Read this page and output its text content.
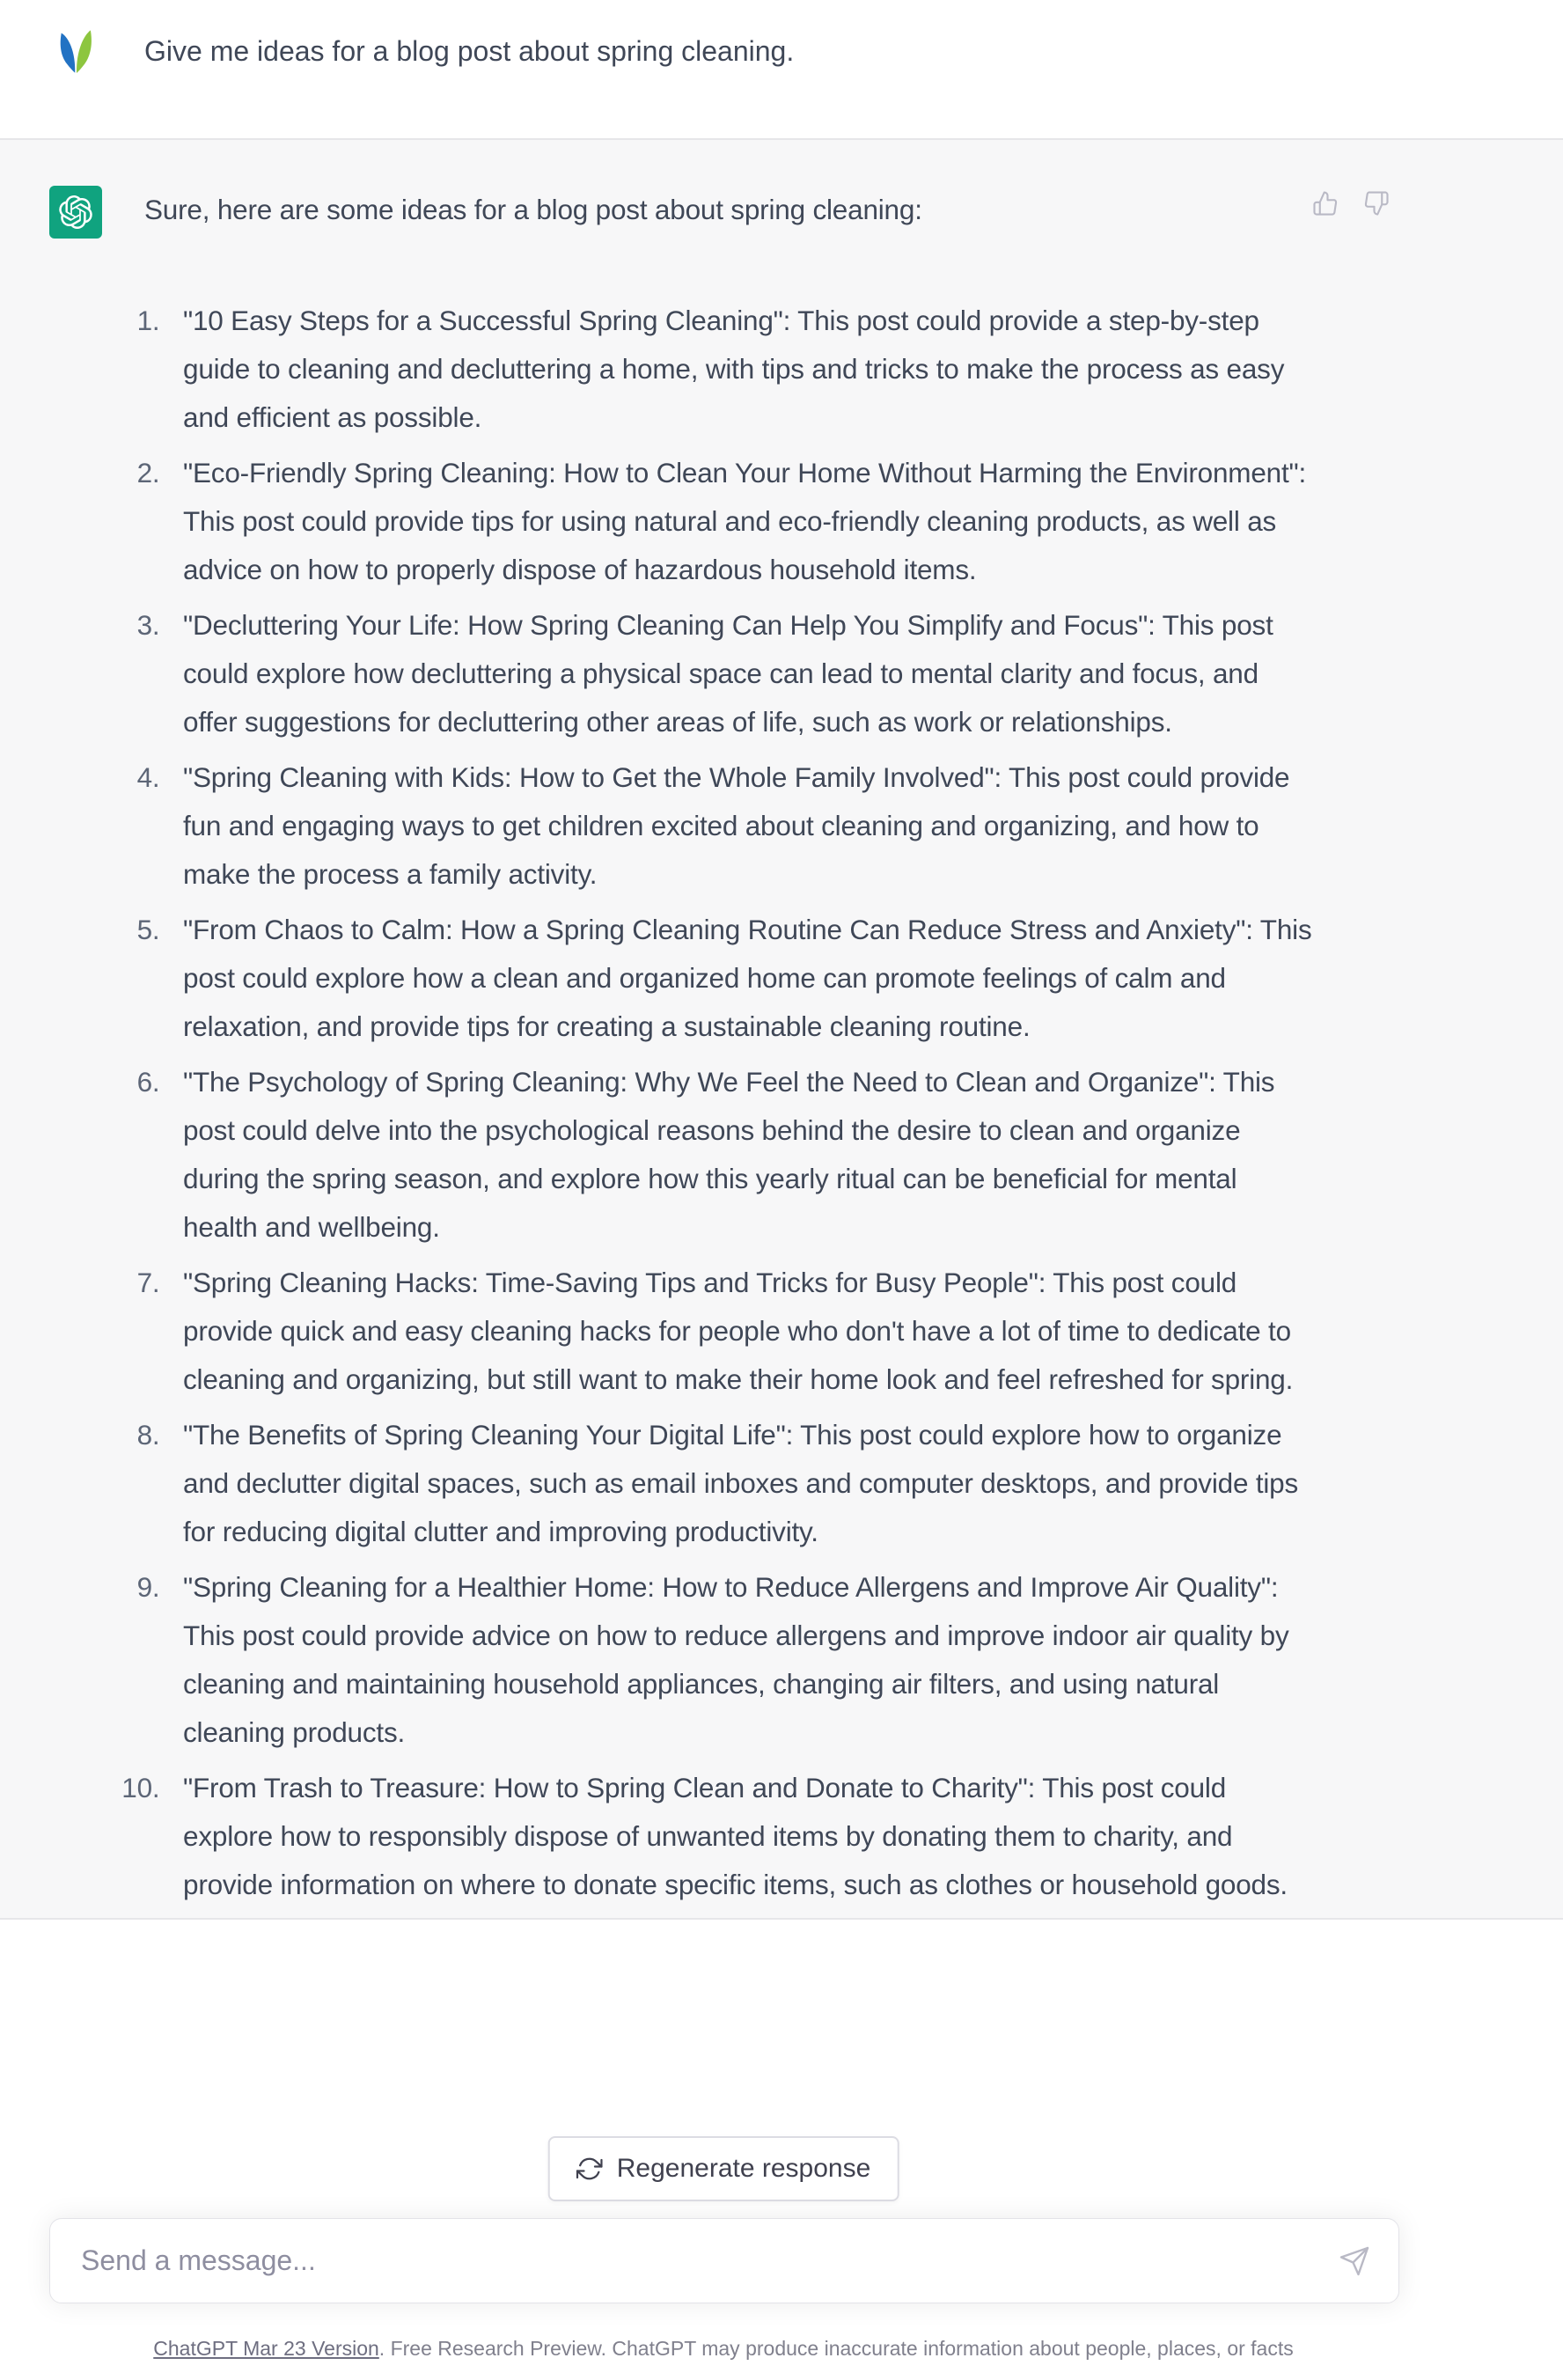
Give me ideas for a blog post about spring cleaning.

Sure, here are some ideas for a blog post about spring cleaning:

1. "10 Easy Steps for a Successful Spring Cleaning": This post could provide a step-by-step guide to cleaning and decluttering a home, with tips and tricks to make the process as easy and efficient as possible.
2. "Eco-Friendly Spring Cleaning: How to Clean Your Home Without Harming the Environment": This post could provide tips for using natural and eco-friendly cleaning products, as well as advice on how to properly dispose of hazardous household items.
3. "Decluttering Your Life: How Spring Cleaning Can Help You Simplify and Focus": This post could explore how decluttering a physical space can lead to mental clarity and focus, and offer suggestions for decluttering other areas of life, such as work or relationships.
4. "Spring Cleaning with Kids: How to Get the Whole Family Involved": This post could provide fun and engaging ways to get children excited about cleaning and organizing, and how to make the process a family activity.
5. "From Chaos to Calm: How a Spring Cleaning Routine Can Reduce Stress and Anxiety": This post could explore how a clean and organized home can promote feelings of calm and relaxation, and provide tips for creating a sustainable cleaning routine.
6. "The Psychology of Spring Cleaning: Why We Feel the Need to Clean and Organize": This post could delve into the psychological reasons behind the desire to clean and organize during the spring season, and explore how this yearly ritual can be beneficial for mental health and wellbeing.
7. "Spring Cleaning Hacks: Time-Saving Tips and Tricks for Busy People": This post could provide quick and easy cleaning hacks for people who don't have a lot of time to dedicate to cleaning and organizing, but still want to make their home look and feel refreshed for spring.
8. "The Benefits of Spring Cleaning Your Digital Life": This post could explore how to organize and declutter digital spaces, such as email inboxes and computer desktops, and provide tips for reducing digital clutter and improving productivity.
9. "Spring Cleaning for a Healthier Home: How to Reduce Allergens and Improve Air Quality": This post could provide advice on how to reduce allergens and improve indoor air quality by cleaning and maintaining household appliances, changing air filters, and using natural cleaning products.
10. "From Trash to Treasure: How to Spring Clean and Donate to Charity": This post could explore how to responsibly dispose of unwanted items by donating them to charity, and provide information on where to donate specific items, such as clothes or household goods.
Regenerate response
Send a message...
ChatGPT Mar 23 Version. Free Research Preview. ChatGPT may produce inaccurate information about people, places, or facts
